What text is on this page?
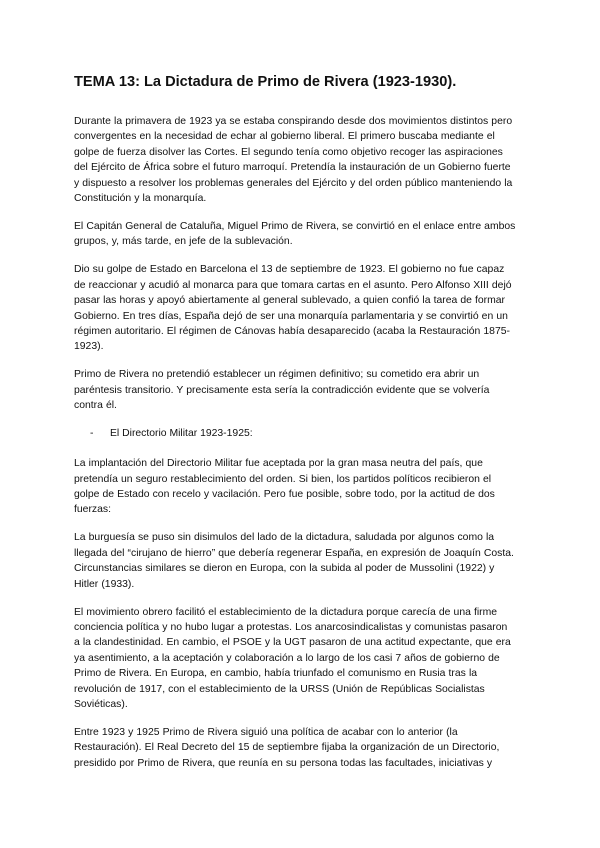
TEMA 13: La Dictadura de Primo de Rivera (1923-1930).

Durante la primavera de 1923 ya se estaba conspirando desde dos movimientos distintos pero convergentes en la necesidad de echar al gobierno liberal. El primero buscaba mediante el golpe de fuerza disolver las Cortes. El segundo tenía como objetivo recoger las aspiraciones del Ejército de África sobre el futuro marroquí. Pretendía la instauración de un Gobierno fuerte y dispuesto a resolver los problemas generales del Ejército y del orden público manteniendo la Constitución y la monarquía.

El Capitán General de Cataluña, Miguel Primo de Rivera, se convirtió en el enlace entre ambos grupos, y, más tarde, en jefe de la sublevación.

Dio su golpe de Estado en Barcelona el 13 de septiembre de 1923. El gobierno no fue capaz de reaccionar y acudió al monarca para que tomara cartas en el asunto. Pero Alfonso XIII dejó pasar las horas y apoyó abiertamente al general sublevado, a quien confió la tarea de formar Gobierno. En tres días, España dejó de ser una monarquía parlamentaria y se convirtió en un régimen autoritario. El régimen de Cánovas había desaparecido (acaba la Restauración 1875-1923).

Primo de Rivera no pretendió establecer un régimen definitivo; su cometido era abrir un paréntesis transitorio. Y precisamente esta sería la contradicción evidente que se volvería contra él.

-	El Directorio Militar 1923-1925:

La implantación del Directorio Militar fue aceptada por la gran masa neutra del país, que pretendía un seguro restablecimiento del orden. Si bien, los partidos políticos recibieron el golpe de Estado con recelo y vacilación. Pero fue posible, sobre todo, por la actitud de dos fuerzas:

La burguesía se puso sin disimulos del lado de la dictadura, saludada por algunos como la llegada del “cirujano de hierro” que debería regenerar España, en expresión de Joaquín Costa. Circunstancias similares se dieron en Europa, con la subida al poder de Mussolini (1922) y Hitler (1933).

El movimiento obrero facilitó el establecimiento de la dictadura porque carecía de una firme conciencia política y no hubo lugar a protestas. Los anarcosindicalistas y comunistas pasaron a la clandestinidad. En cambio, el PSOE y la UGT pasaron de una actitud expectante, que era ya asentimiento, a la aceptación y colaboración a lo largo de los casi 7 años de gobierno de Primo de Rivera. En Europa, en cambio, había triunfado el comunismo en Rusia tras la revolución de 1917, con el establecimiento de la URSS (Unión de Repúblicas Socialistas Soviéticas).

Entre 1923 y 1925 Primo de Rivera siguió una política de acabar con lo anterior (la Restauración). El Real Decreto del 15 de septiembre fijaba la organización de un Directorio, presidido por Primo de Rivera, que reunía en su persona todas las facultades, iniciativas y
